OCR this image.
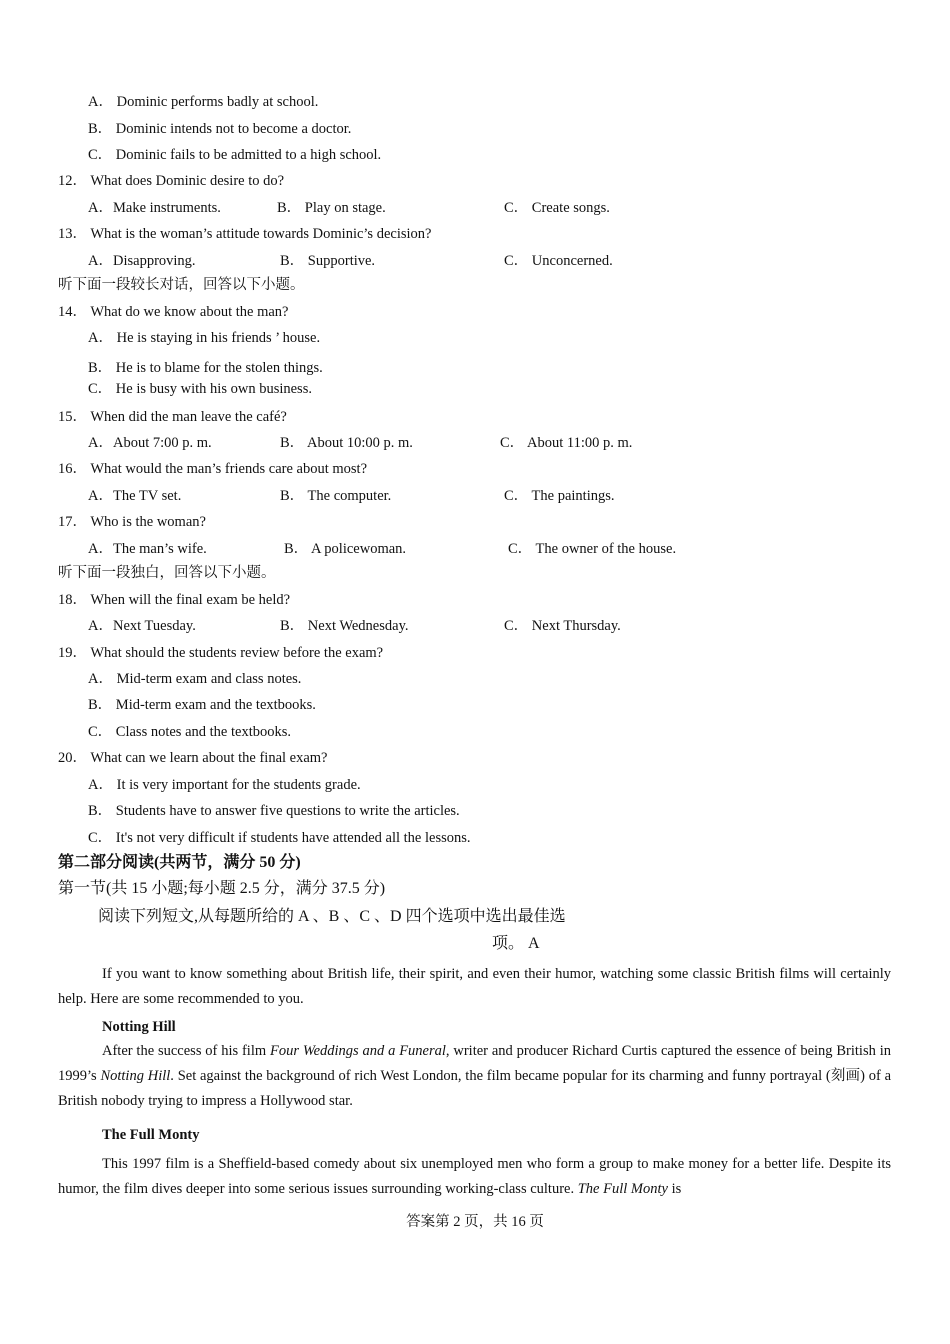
A． Dominic performs badly at school.
B． Dominic intends not to become a doctor.
C． Dominic fails to be admitted to a high school.
12． What does Dominic desire to do?
A．Make instruments.	B． Play on stage.	C． Create songs.
13． What is the woman’s attitude towards Dominic’s decision?
A．Disapproving.	B． Supportive.	C． Unconcerned.
听下面一段较长对话，回答以下小题。
14． What do we know about the man?
A． He is staying in his friends ’ house.
B． He is to blame for the stolen things.
C． He is busy with his own business.
15． When did the man leave the café?
A．About 7:00 p. m.	B． About 10:00 p. m.	C． About 11:00 p. m.
16． What would the man’s friends care about most?
A．The TV set.	B． The computer.	C． The paintings.
17． Who is the woman?
A．The man’s wife.	B． A policewoman.	C． The owner of the house.
听下面一段独白，回答以下小题。
18． When will the final exam be held?
A．Next Tuesday.	B． Next Wednesday.	C． Next Thursday.
19． What should the students review before the exam?
A． Mid-term exam and class notes.
B． Mid-term exam and the textbooks.
C． Class notes and the textbooks.
20． What can we learn about the final exam?
A． It is very important for the students grade.
B． Students have to answer five questions to write the articles.
C． It's not very difficult if students have attended all the lessons.
第二部分阅读(共两节，满分 50 分)
第一节(共 15 小题;每小题 2.5 分，满分 37.5 分)
阅读下列短文,从每题所给的 A 、B 、C 、D 四个选项中选出最佳选
项。 A
If you want to know something about British life, their spirit, and even their humor, watching some classic British films will certainly help. Here are some recommended to you.
Notting Hill
After the success of his film Four Weddings and a Funeral, writer and producer Richard Curtis captured the essence of being British in 1999’s Notting Hill. Set against the background of rich West London, the film became popular for its charming and funny portrayal (刻画) of a British nobody trying to impress a Hollywood star.
The Full Monty
This 1997 film is a Sheffield-based comedy about six unemployed men who form a group to make money for a better life. Despite its humor, the film dives deeper into some serious issues surrounding working-class culture. The Full Monty is
答案第 2 页，共 16 页
